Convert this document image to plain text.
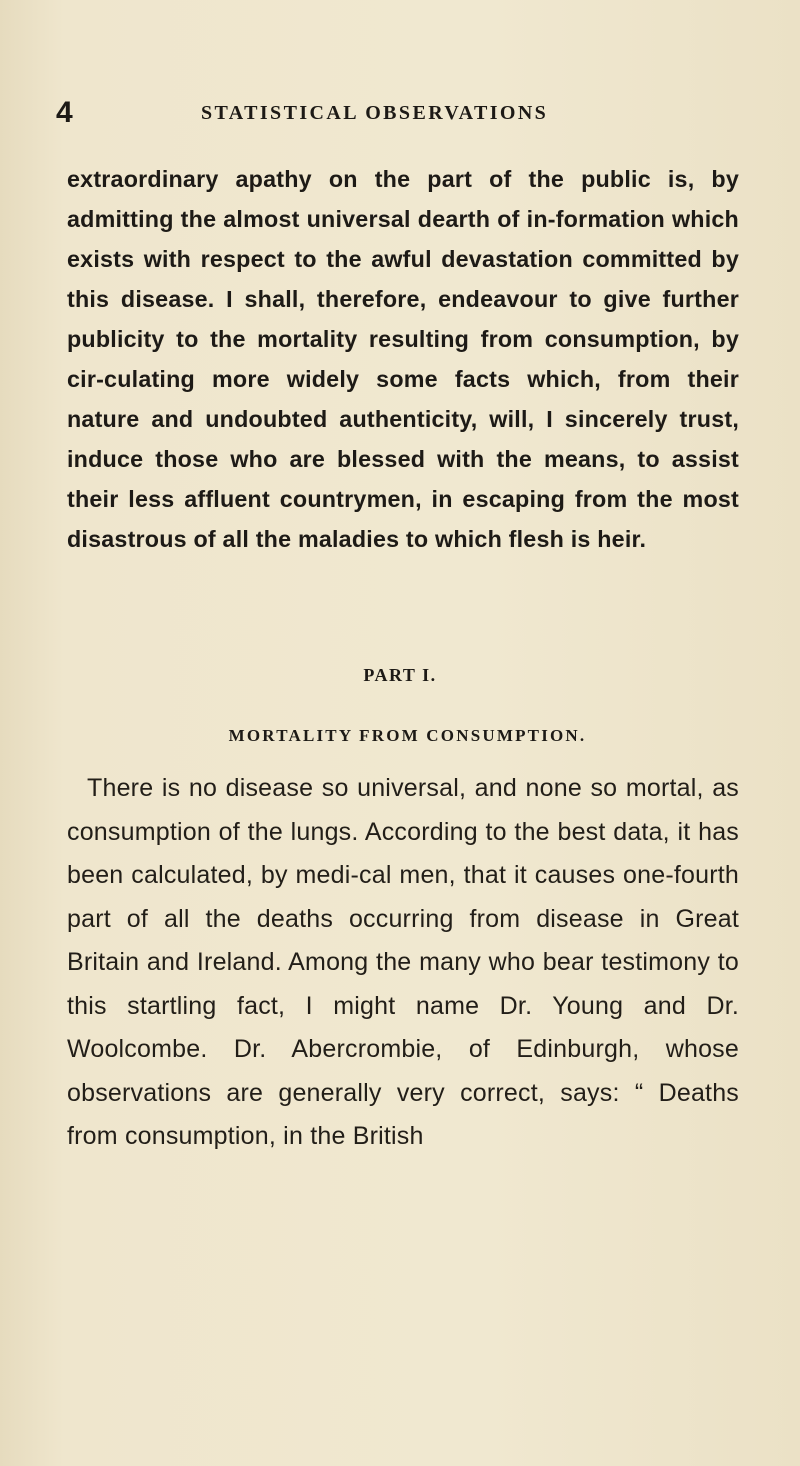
4	STATISTICAL OBSERVATIONS

extraordinary apathy on the part of the public is, by admitting the almost universal dearth of in-formation which exists with respect to the awful devastation committed by this disease. I shall, therefore, endeavour to give further publicity to the mortality resulting from consumption, by cir-culating more widely some facts which, from their nature and undoubted authenticity, will, I sincerely trust, induce those who are blessed with the means, to assist their less affluent countrymen, in escaping from the most disastrous of all the maladies to which flesh is heir.

PART I.
MORTALITY FROM CONSUMPTION.

There is no disease so universal, and none so mortal, as consumption of the lungs. According to the best data, it has been calculated, by medi-cal men, that it causes one-fourth part of all the deaths occurring from disease in Great Britain and Ireland. Among the many who bear testimony to this startling fact, I might name Dr. Young and Dr. Woolcombe. Dr. Abercrombie, of Edinburgh, whose observations are generally very correct, says: “ Deaths from consumption, in the British
